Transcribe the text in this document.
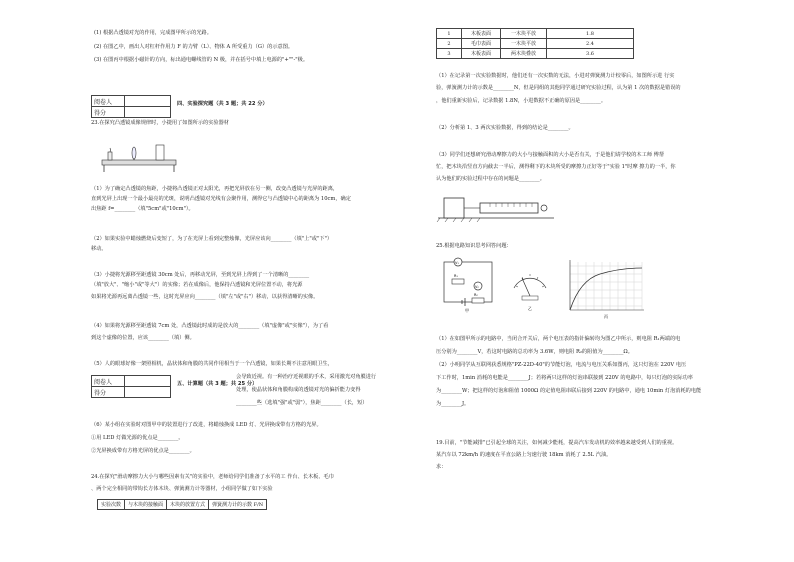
(1) 根据凸透镜对光的作用，完成图甲所示的光路。
(2) 在图乙中，画出人对杠杆作用力 F 的力臂（L）、物体 A 所受重力（G）的示意图。
(3) 在图丙中根据小磁针的方向，标出通电螺线管的 N 极，并在括号中填上电源的"+""-"极。
阅卷人	
得分	
四、实验探究题（共 3 题；共 22 分）
23.在探究凸透镜成像规律时，小捷用了如图所示的实验器材
（1）为了确定凸透镜的焦距，小捷将凸透镜正对太阳光，再把光屏放在另一侧，改变凸透镜与光屏的距离，
直到光屏上出现一个最小最亮的光斑，说明凸透镜对光线有会聚作用，测得它与凸透镜中心的距离为 10cm，确定
出焦距 f=________（填"5cm"或"10cm"）。
（2）如果实验中蜡烛燃烧后变短了，为了在光屏上看到完整烛像，光屏应该向________（填"上"或"下"）
移动。
（3）小捷将光源移至距透镜 30cm 处后，再移动光屏，至到光屏上得到了一个清晰的________
（填"放大"、"缩小"或"等大"）的实像；若在成像后，他保持凸透镜和光屏位置不动，将光源
如果将光源再远离凸透镜一些，这时光屏应向________（填"左"或"右"）移动，以获得清晰的实像。
（4）如果将光源移至距透镜 7cm 处，凸透镜此时成的是放大的________（填"虚像"或"实像"），为了看
到这个虚像的位置，应该________（填）侧。
（5）人的眼球好像一架照相机，晶状体和角膜的共同作用相当于一个凸透镜，如果长期不注意用眼卫生，
会导致近视。有一种治疗近视眼的手术，采用激光对角膜进行
处理，使晶状体和角膜构成的透镜对光的偏折能力变得
________些（选填"强"或"弱"），焦距________（长，短）
阅卷人	
得分	
五、计算题（共 3 题；共 25 分）
（6）某小组在实验时对图甲中的装置进行了改进，将蜡烛换成 LED 灯、光屏换成带有方格的光屏。
①用 LED 灯做光源的优点是________。
②光屏换成带有方格光屏的优点是________。
24.在探究"滑动摩擦力大小与哪些因素有关"的实验中，老师给同学们准备了水平的工 作台、长木板、毛巾
、两个完全相同的带钩长方体木块、弹簧测力计等器材，小组同学做了如下实验
实验次数	与木块的接触面	木块的放置方式	弹簧测力计的示数 F/N
1	木板表面	一木块平放	1.8
2	毛巾表面	一木块平放	2.4
3	木板表面	两木块叠放	3.6
（1）在记录第一次实验数据时，他们还有一次实数的无法，小进对弹簧测力计校零后，如图所示进 行实
验，弹簧测力计的示数是________N，但是同组的其他同学通过研究实验过程，认为第 1 次的数据是错误的
，他们重新实验后，记录数据 1.8N，小进数据不正确的原因是________。
（2）分析第 1、3 两次实验数据，得到的结论是________。
（3）同学们还想研究滑动摩擦力的大小与接触面积的大小是否有关，于是他们请学校的木工师 傅帮
忙，把木块沿竖直方向截去一半后，测得剩下的木块所受的摩擦力正好等于"实验 1"时摩 擦力的一半，你
认为他们的实验过程中存在的问题是________。
25.根据电路知识思考回答问题：
V₁
V₂
R₁
R₂
甲	乙
丙
（1）在如图甲所示的电路中，当闭合开关后，两个电压表的指针偏转均为图乙中所示，则电阻 R₁两端的电
压分别为________V，若这时电路的总功率为 3.6W，则电阻 R₂的阻值为________Ω。
（2）小明同学从互联网获悉规格"PZ-22D-40"的节能灯泡，电流与电压关系如图丙，这只灯泡在 220V 电压
下工作时，1min 消耗的电能是________J；若将两只这样的灯泡串联接到 220V 的电路中，每只灯泡的实际功率
为________W；把这样的灯泡和阻值 1000Ω 的定值电阻串联后接到 220V 的电路中，通电 10min 灯泡消耗的电能
为________J。
19.目前，"节能减排"已引起全球的关注，如何减少能耗，提高汽车发动机的效率越来越受到人们的重视。
某汽车以 72km/h 的速度在平直公路上匀速行驶 18km 消耗了 2.5L 汽油。
求：
